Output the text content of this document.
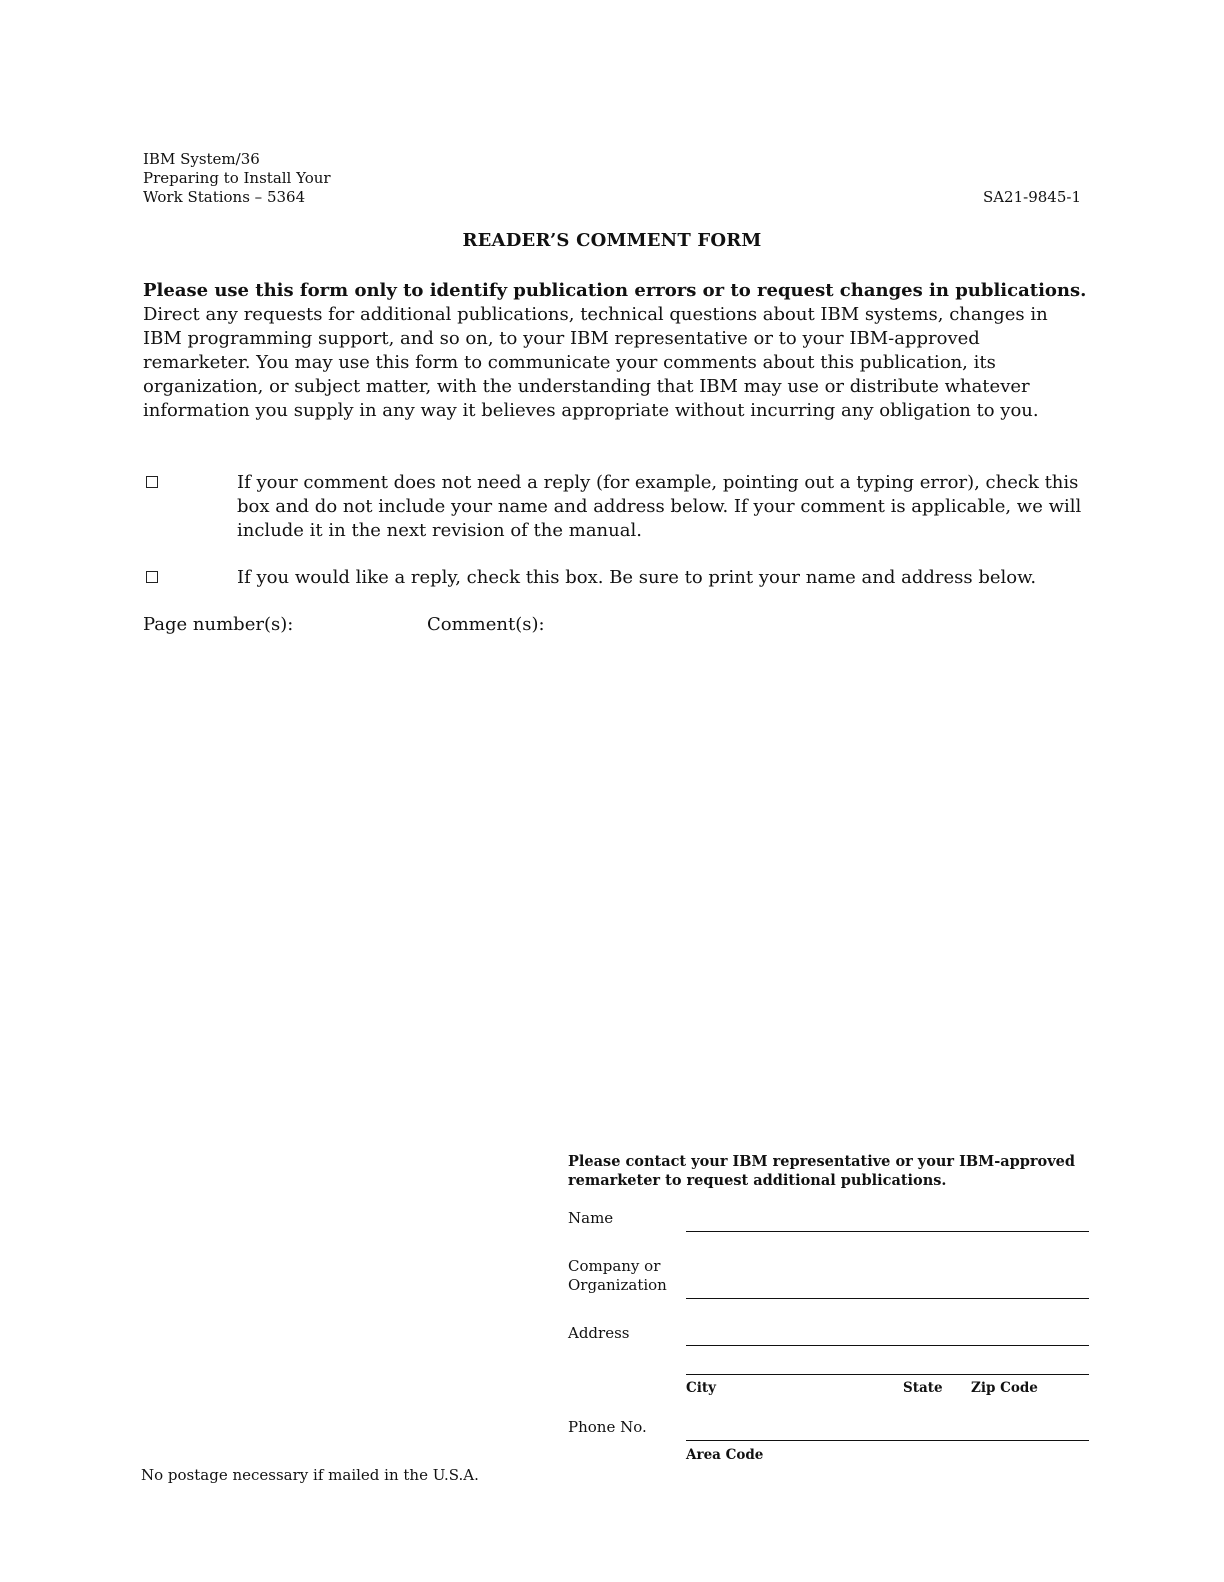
IBM System/36
Preparing to Install Your
Work Stations – 5364	SA21-9845-1
READER’S COMMENT FORM
Please use this form only to identify publication errors or to request changes in publications. Direct any requests for additional publications, technical questions about IBM systems, changes in IBM programming support, and so on, to your IBM representative or to your IBM-approved remarketer. You may use this form to communicate your comments about this publication, its organization, or subject matter, with the understanding that IBM may use or distribute whatever information you supply in any way it believes appropriate without incurring any obligation to you.
If your comment does not need a reply (for example, pointing out a typing error), check this box and do not include your name and address below. If your comment is applicable, we will include it in the next revision of the manual.
If you would like a reply, check this box. Be sure to print your name and address below.
Page number(s):	Comment(s):
Please contact your IBM representative or your IBM-approved remarketer to request additional publications.
Name
Company or
Organization
Address
City	State Zip Code
Phone No.
Area Code
No postage necessary if mailed in the U.S.A.
